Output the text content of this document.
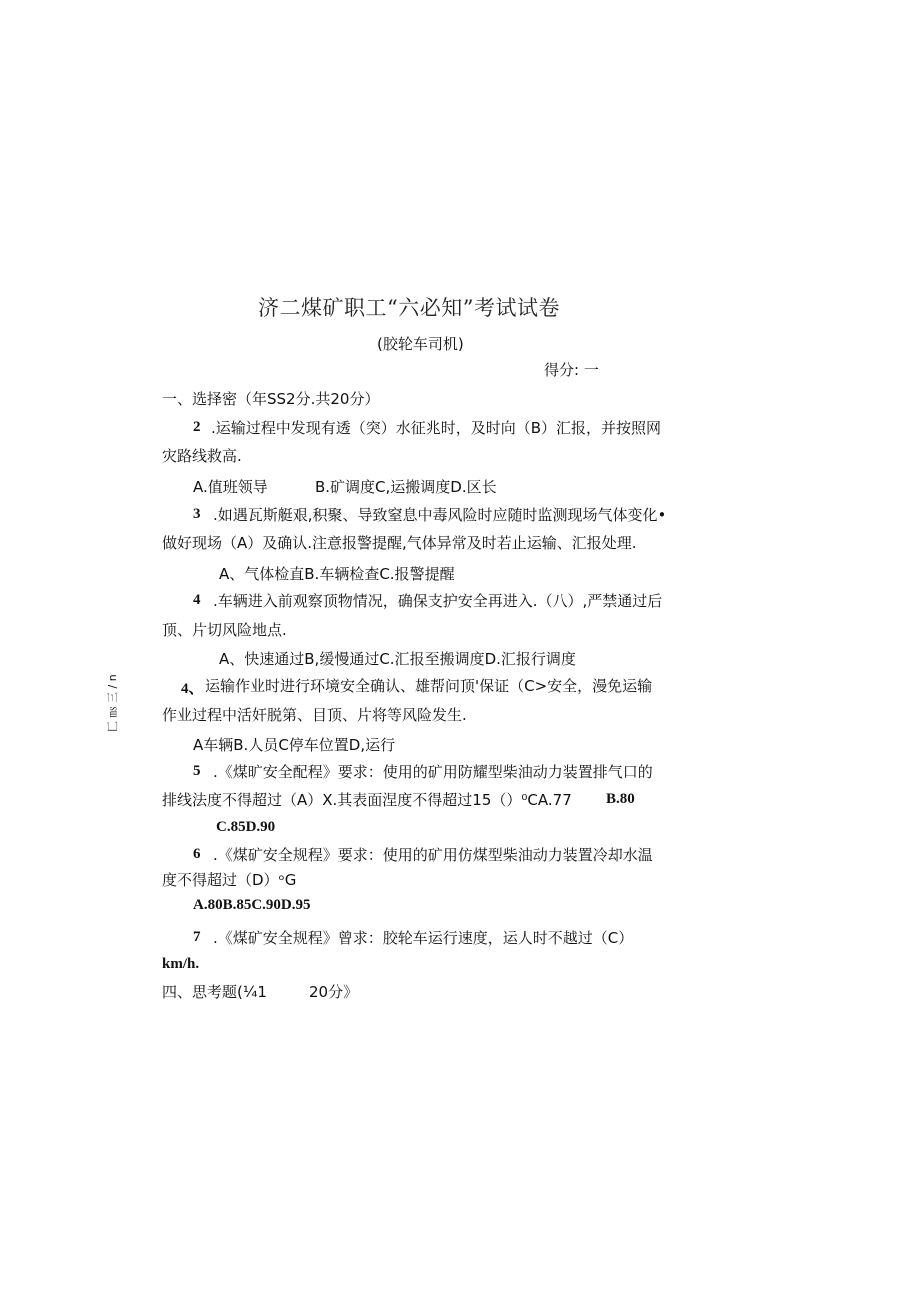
济二煤矿职工“六必知”考试试卷
(胶轮车司机)
得分: 一
匚 ㎳ 三 ∕ n
一、选择密（年SS2分.共20分）
2 .运输过程中发现有透（突）水征兆时，及时向（B）汇报，并按照网
灾路线救高.
A.值班领导	B.矿调度C,运搬调度D.区长
3 .如遇瓦斯艇艰,积聚、导致窒息中毒风险时应随时监测现场气体变化•
做好现场（A）及确认.注意报警提醒,气体异常及时若止运输、汇报处理.
A、气体检直B.车辆检查C.报警提醒
4 .车辆进入前观察顶物情况，确保支护安全再进入.（八）,严禁通过后
顶、片切风险地点.
A、快速通过B,缓慢通过C.汇报至搬调度D.汇报行调度
4、 运输作业时进行环境安全确认、雄帮问顶'保证（C>安全，漫免运输
作业过程中活奸脱第、目顶、片将等风险发生.
A车辆B.人员C停车位置D,运行
5 .《煤旷安全配程》要求：使用的矿用防耀型柴油动力装置排气口的
排线法度不得超过（A）X.其表面涅度不得超过15（）⁰CA.77 B.80
C.85D.90
6 .《煤矿安全规程》要求：使用的矿用仿煤型柴油动力装置冷却水温
度不得超过（D）ᵒG
A.80B.85C.90D.95
7 .《煤矿安全规程》曾求：胶轮车运行速度，运人时不越过（C）
km/h.
四、思考题(¼1	20分》
